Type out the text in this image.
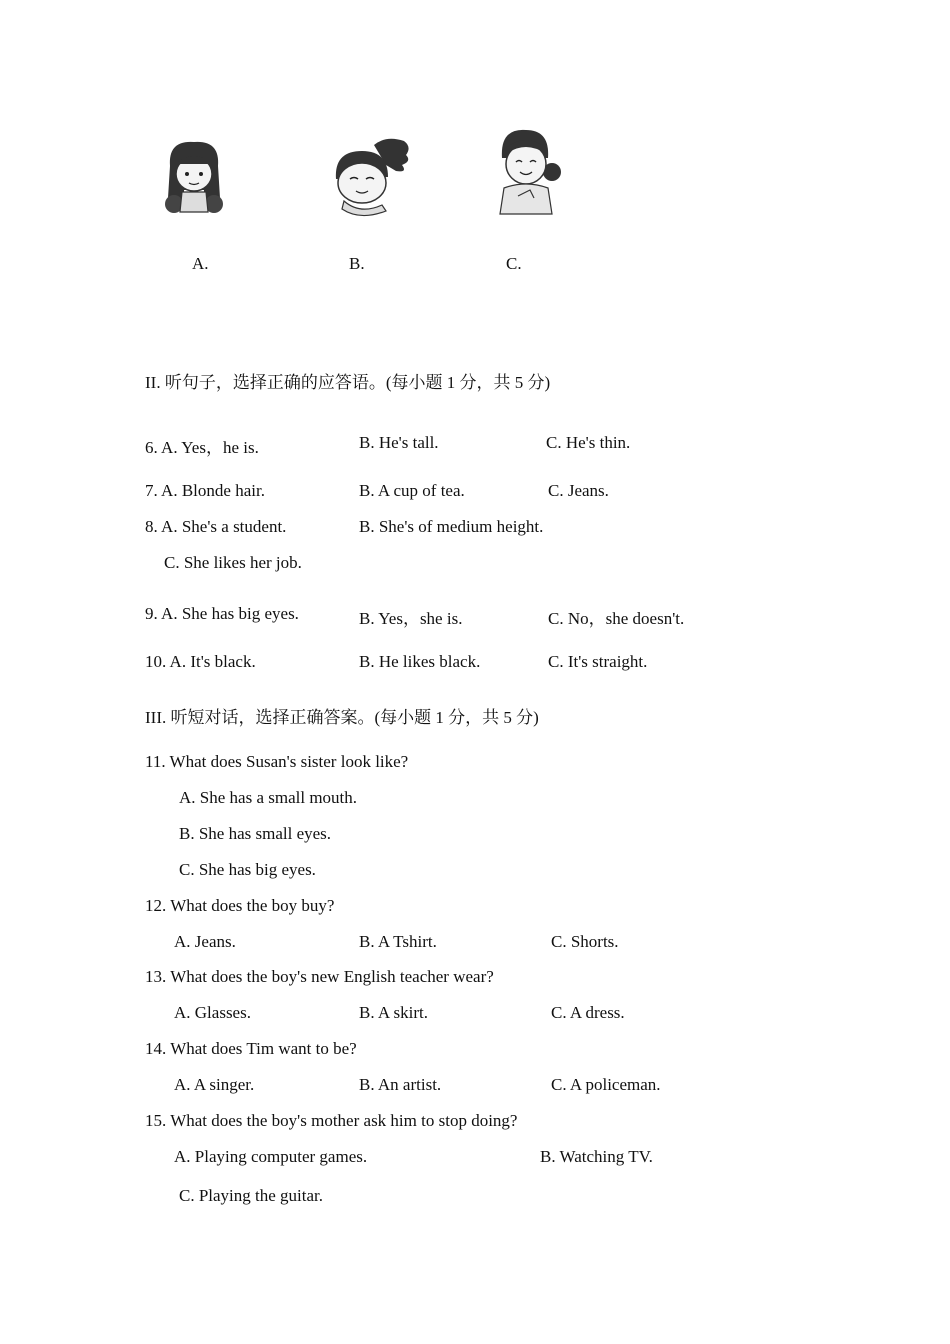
A.	B.	C.
II. 听句子，选择正确的应答语。(每小题 1 分，共 5 分)
6. A. Yes，he is.	B. He's tall.	C. He's thin.
7. A. Blonde hair.	B. A cup of tea.	C. Jeans.
8. A. She's a student.	B. She's of medium height.
C. She likes her job.
9. A. She has big eyes.	B. Yes，she is.	C. No，she doesn't.
10. A. It's black.	B. He likes black.	C. It's straight.
III. 听短对话，选择正确答案。(每小题 1 分，共 5 分)
11. What does Susan's sister look like?
A. She has a small mouth.
B. She has small eyes.
C. She has big eyes.
12. What does the boy buy?
A. Jeans.	B. A Tshirt.	C. Shorts.
13. What does the boy's new English teacher wear?
A. Glasses.	B. A skirt.	C. A dress.
14. What does Tim want to be?
A. A singer.	B. An artist.	C. A policeman.
15. What does the boy's mother ask him to stop doing?
A. Playing computer games.	B. Watching TV.
C. Playing the guitar.
